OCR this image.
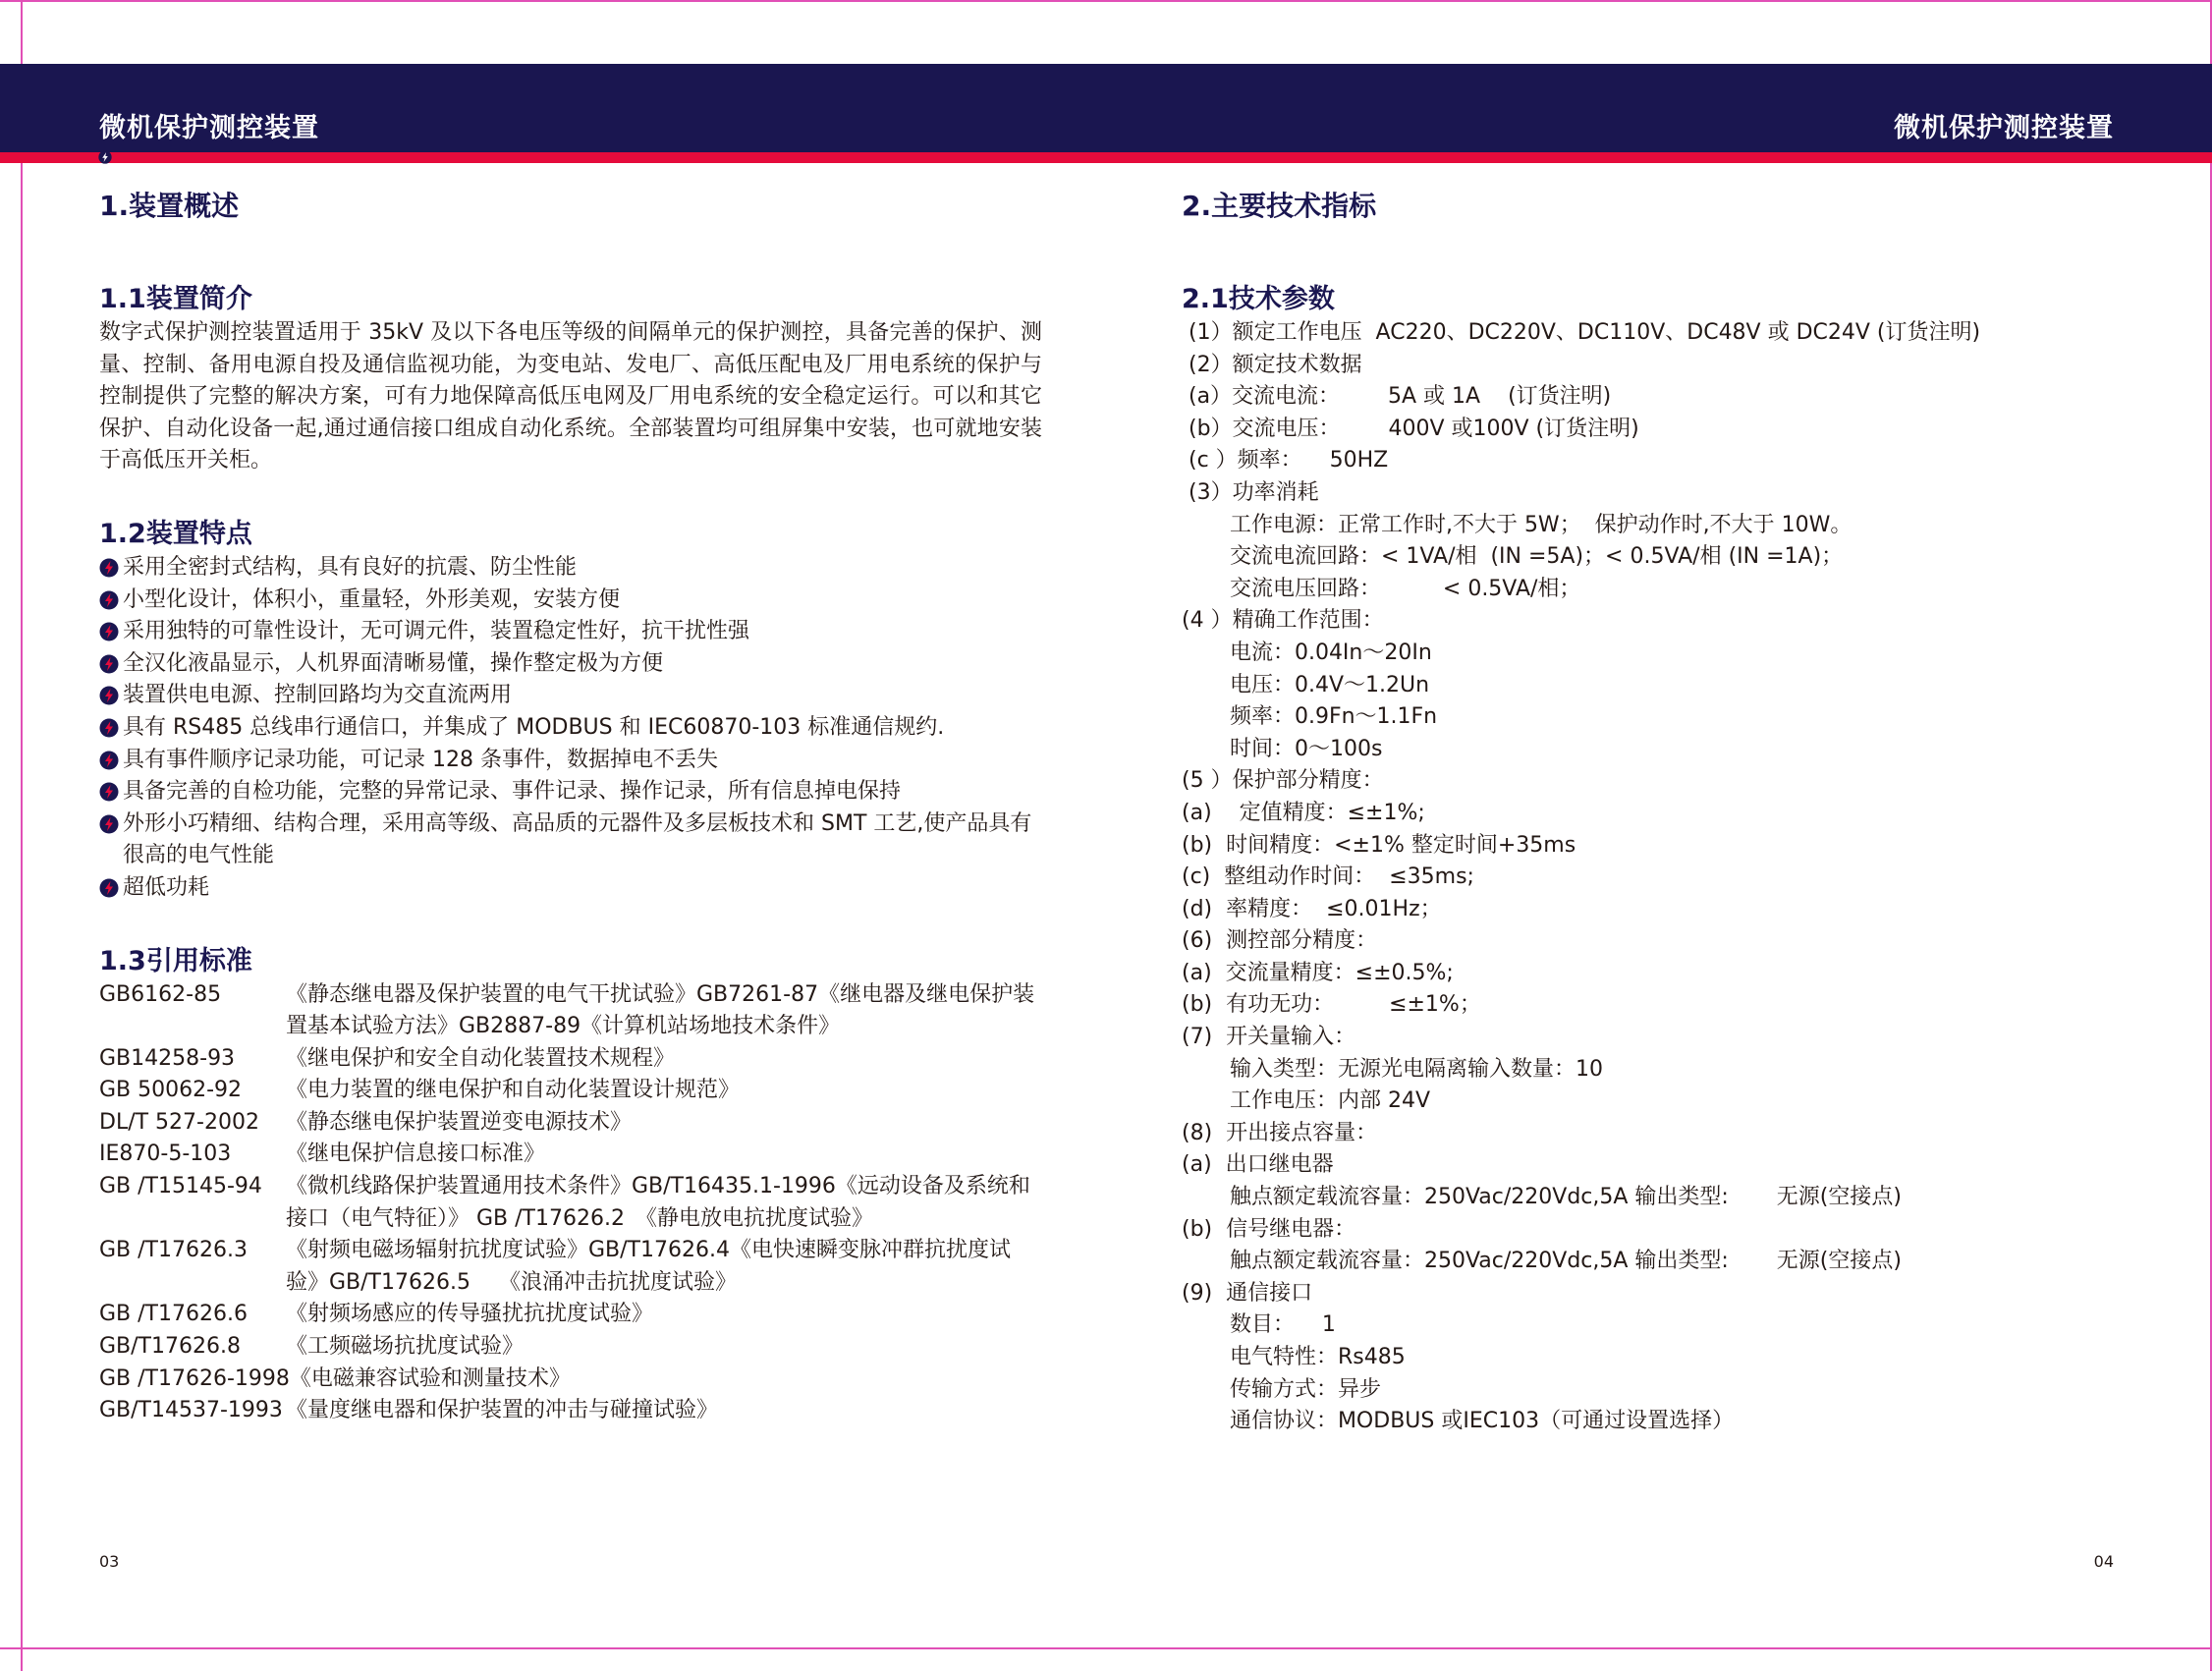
微机保护测控装置	微机保护测控装置
1.装置概述
1.1装置简介

数字式保护测控装置适用于 35kV 及以下各电压等级的间隔单元的保护测控，具备完善的保护、测量、控制、备用电源自投及通信监视功能，为变电站、发电厂、高低压配电及厂用电系统的保护与控制提供了完整的解决方案，可有力地保障高低压电网及厂用电系统的安全稳定运行。可以和其它保护、自动化设备一起,通过通信接口组成自动化系统。全部装置均可组屏集中安装，也可就地安装于高低压开关柜。

1.2装置特点
采用全密封式结构，具有良好的抗震、防尘性能
小型化设计，体积小，重量轻，外形美观，安装方便
采用独特的可靠性设计，无可调元件，装置稳定性好，抗干扰性强
全汉化液晶显示，人机界面清晰易懂，操作整定极为方便
装置供电电源、控制回路均为交直流两用
具有 RS485 总线串行通信口，并集成了 MODBUS 和 IEC60870-103 标准通信规约.
具有事件顺序记录功能，可记录 128 条事件，数据掉电不丢失
具备完善的自检功能，完整的异常记录、事件记录、操作记录，所有信息掉电保持
外形小巧精细、结构合理，采用高等级、高品质的元器件及多层板技术和 SMT 工艺,使产品具有很高的电气性能
超低功耗
1.3引用标准
GB6162-85	《静态继电器及保护装置的电气干扰试验》GB7261-87《继电器及继电保护装置基本试验方法》GB2887-89《计算机站场地技术条件》
GB14258-93	《继电保护和安全自动化装置技术规程》
GB 50062-92	《电力装置的继电保护和自动化装置设计规范》
DL/T 527-2002	《静态继电保护装置逆变电源技术》
IE870-5-103	《继电保护信息接口标准》
GB /T15145-94	《微机线路保护装置通用技术条件》GB/T16435.1-1996《远动设备及系统和接口（电气特征）》 GB /T17626.2　《静电放电抗扰度试验》
GB /T17626.3	《射频电磁场辐射抗扰度试验》GB/T17626.4《电快速瞬变脉冲群抗扰度试验》GB/T17626.5　 《浪涌冲击抗扰度试验》
GB /T17626.6	《射频场感应的传导骚扰抗扰度试验》
GB/T17626.8	《工频磁场抗扰度试验》
GB /T17626-1998 《电磁兼容试验和测量技术》
GB/T14537-1993 《量度继电器和保护装置的冲击与碰撞试验》
2.主要技术指标
2.1技术参数
(1）额定工作电压  AC220、DC220V、DC110V、DC48V 或 DC24V (订货注明)
(2）额定技术数据
(a）交流电流：       5A 或 1A    (订货注明)
(b）交流电压：       400V 或100V (订货注明)
(c ）频率：    50HZ
(3）功率消耗
工作电源：正常工作时,不大于 5W；  保护动作时,不大于 10W。
交流电流回路：< 1VA/相  (IN =5A)；< 0.5VA/相 (IN =1A)；
交流电压回路：         < 0.5VA/相；
(4 ）精确工作范围：
电流：0.04In～20In
电压：0.4V～1.2Un
频率：0.9Fn～1.1Fn
时间：0～100s
(5 ）保护部分精度：
(a)    定值精度：≤±1%;
(b)  时间精度：<±1% 整定时间+35ms
(c)  整组动作时间：  ≤35ms;
(d)  率精度：  ≤0.01Hz；
(6)  测控部分精度：
(a)  交流量精度：≤±0.5%;
(b)  有功无功：        ≤±1%；
(7)  开关量输入：
输入类型：无源光电隔离输入数量：10
工作电压：内部 24V
(8)  开出接点容量：
(a)  出口继电器
触点额定载流容量：250Vac/220Vdc,5A 输出类型:       无源(空接点)
(b)  信号继电器：
触点额定载流容量：250Vac/220Vdc,5A 输出类型:       无源(空接点)
(9)  通信接口
数目：    1
电气特性：Rs485
传输方式：异步
通信协议：MODBUS 或IEC103（可通过设置选择）
03	04
